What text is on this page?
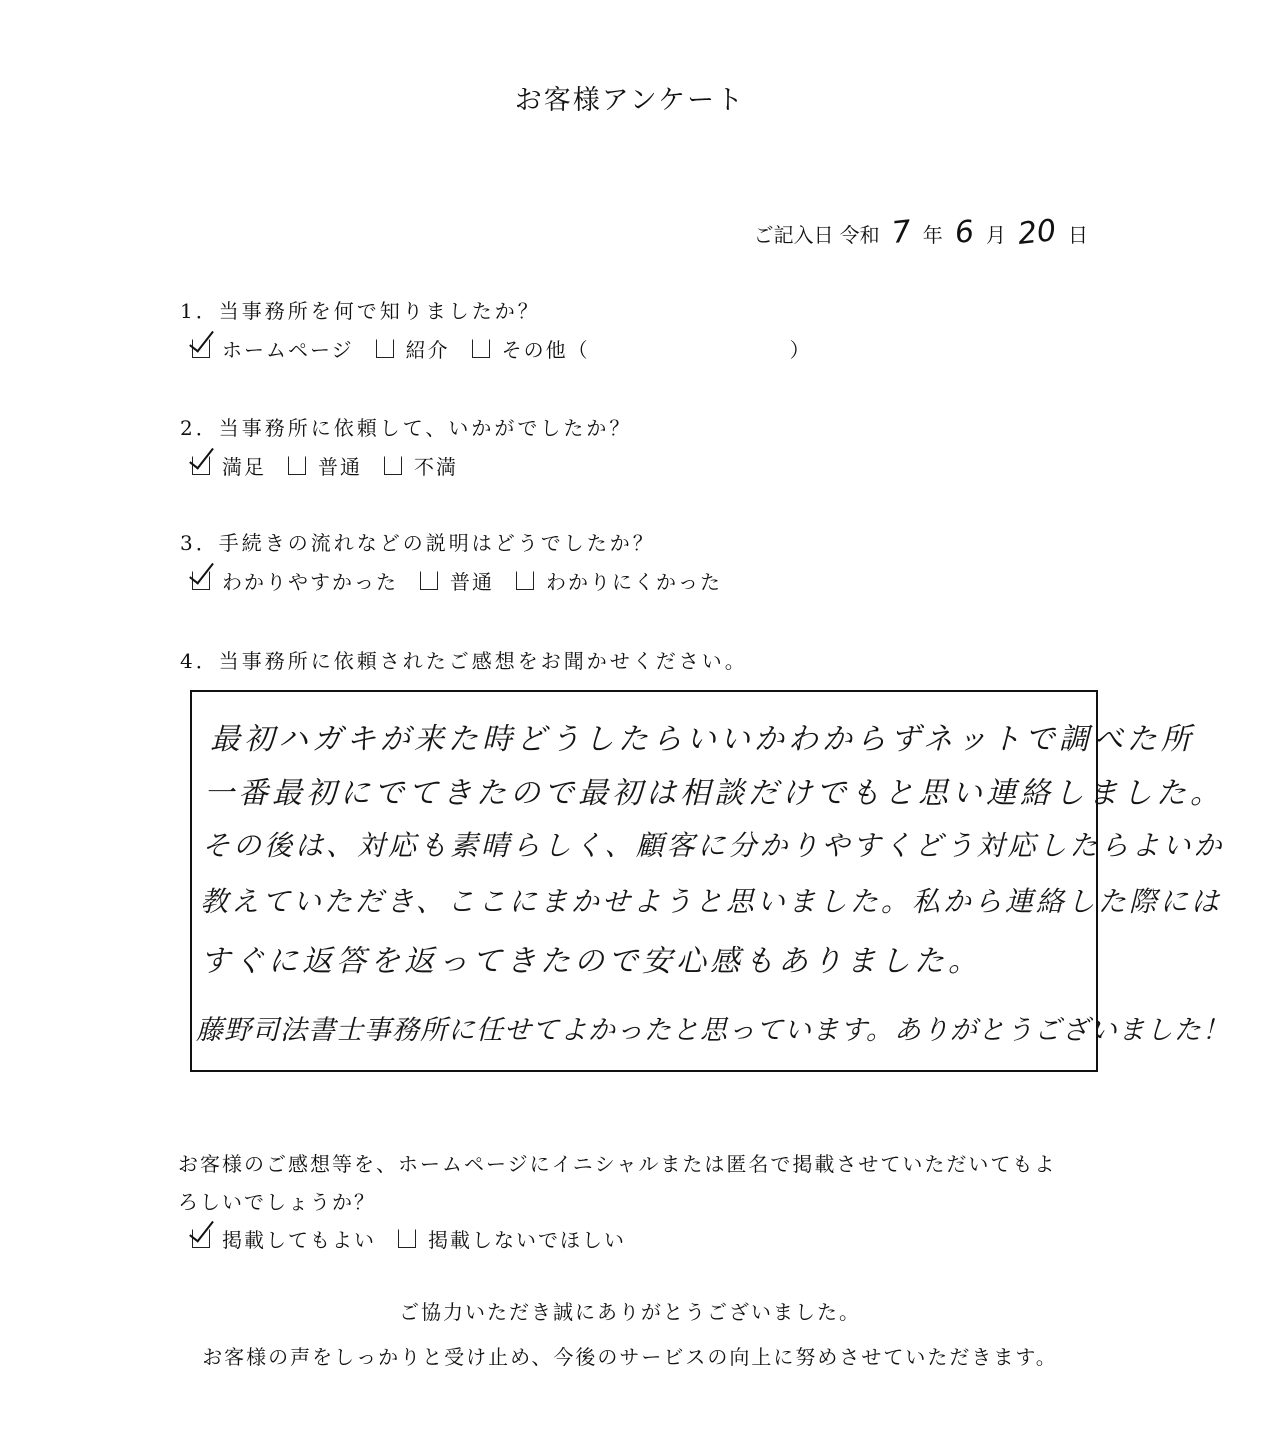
お客様アンケート
ご記入日 令和 7 年 6 月 20 日
1．当事務所を何で知りましたか？
ホームページ	紹介	その他（	）
2．当事務所に依頼して、いかがでしたか？
満足	普通	不満
3．手続きの流れなどの説明はどうでしたか？
わかりやすかった	普通	わかりにくかった
4．当事務所に依頼されたご感想をお聞かせください。
最初ハガキが来た時どうしたらいいかわからずネットで調べた所
一番最初にでてきたので最初は相談だけでもと思い連絡しました。
その後は、対応も素晴らしく、顧客に分かりやすくどう対応したらよいか
教えていただき、ここにまかせようと思いました。私から連絡した際には
すぐに返答を返ってきたので安心感もありました。
藤野司法書士事務所に任せてよかったと思っています。ありがとうございました！
お客様のご感想等を、ホームページにイニシャルまたは匿名で掲載させていただいてもよ
ろしいでしょうか？
掲載してもよい	掲載しないでほしい
ご協力いただき誠にありがとうございました。
お客様の声をしっかりと受け止め、今後のサービスの向上に努めさせていただきます。
